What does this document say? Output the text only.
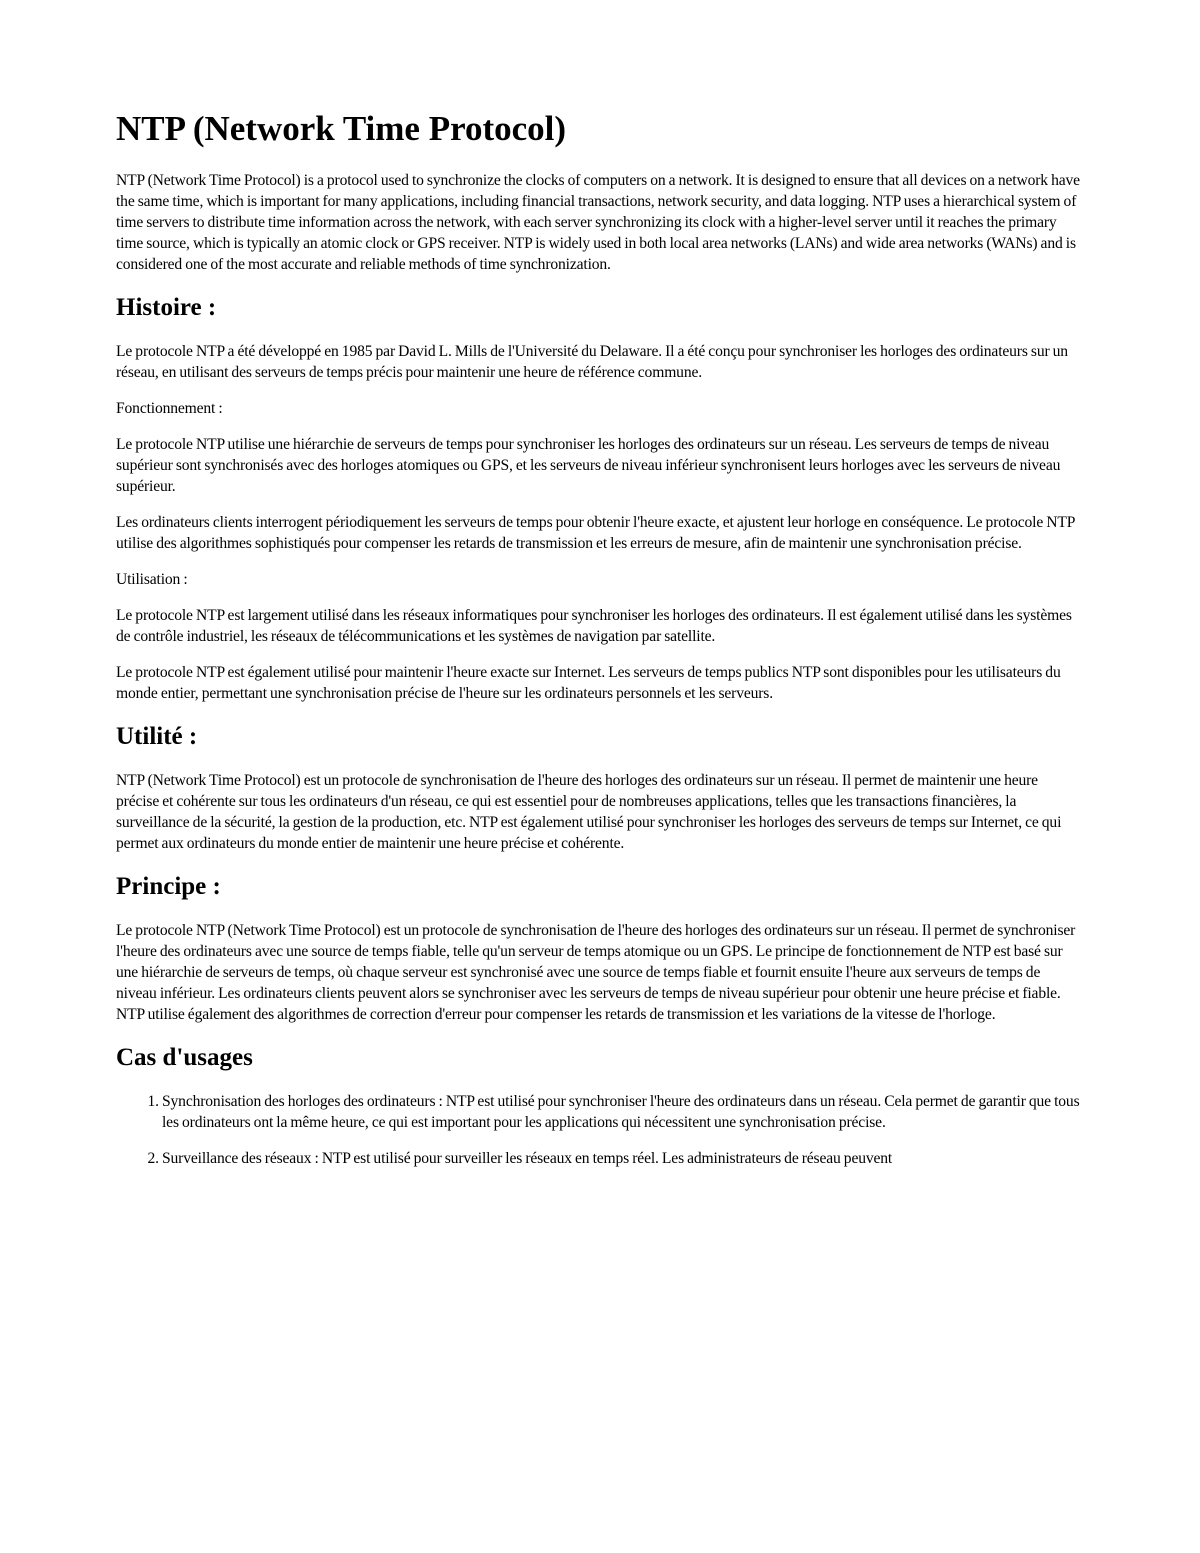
NTP (Network Time Protocol)

NTP (Network Time Protocol) is a protocol used to synchronize the clocks of computers on a network. It is designed to ensure that all devices on a network have the same time, which is important for many applications, including financial transactions, network security, and data logging. NTP uses a hierarchical system of time servers to distribute time information across the network, with each server synchronizing its clock with a higher-level server until it reaches the primary time source, which is typically an atomic clock or GPS receiver. NTP is widely used in both local area networks (LANs) and wide area networks (WANs) and is considered one of the most accurate and reliable methods of time synchronization.

Histoire :

Le protocole NTP a été développé en 1985 par David L. Mills de l'Université du Delaware. Il a été conçu pour synchroniser les horloges des ordinateurs sur un réseau, en utilisant des serveurs de temps précis pour maintenir une heure de référence commune.

Fonctionnement :

Le protocole NTP utilise une hiérarchie de serveurs de temps pour synchroniser les horloges des ordinateurs sur un réseau. Les serveurs de temps de niveau supérieur sont synchronisés avec des horloges atomiques ou GPS, et les serveurs de niveau inférieur synchronisent leurs horloges avec les serveurs de niveau supérieur.

Les ordinateurs clients interrogent périodiquement les serveurs de temps pour obtenir l'heure exacte, et ajustent leur horloge en conséquence. Le protocole NTP utilise des algorithmes sophistiqués pour compenser les retards de transmission et les erreurs de mesure, afin de maintenir une synchronisation précise.

Utilisation :

Le protocole NTP est largement utilisé dans les réseaux informatiques pour synchroniser les horloges des ordinateurs. Il est également utilisé dans les systèmes de contrôle industriel, les réseaux de télécommunications et les systèmes de navigation par satellite.

Le protocole NTP est également utilisé pour maintenir l'heure exacte sur Internet. Les serveurs de temps publics NTP sont disponibles pour les utilisateurs du monde entier, permettant une synchronisation précise de l'heure sur les ordinateurs personnels et les serveurs.

Utilité :

NTP (Network Time Protocol) est un protocole de synchronisation de l'heure des horloges des ordinateurs sur un réseau. Il permet de maintenir une heure précise et cohérente sur tous les ordinateurs d'un réseau, ce qui est essentiel pour de nombreuses applications, telles que les transactions financières, la surveillance de la sécurité, la gestion de la production, etc. NTP est également utilisé pour synchroniser les horloges des serveurs de temps sur Internet, ce qui permet aux ordinateurs du monde entier de maintenir une heure précise et cohérente.

Principe :

Le protocole NTP (Network Time Protocol) est un protocole de synchronisation de l'heure des horloges des ordinateurs sur un réseau. Il permet de synchroniser l'heure des ordinateurs avec une source de temps fiable, telle qu'un serveur de temps atomique ou un GPS. Le principe de fonctionnement de NTP est basé sur une hiérarchie de serveurs de temps, où chaque serveur est synchronisé avec une source de temps fiable et fournit ensuite l'heure aux serveurs de temps de niveau inférieur. Les ordinateurs clients peuvent alors se synchroniser avec les serveurs de temps de niveau supérieur pour obtenir une heure précise et fiable. NTP utilise également des algorithmes de correction d'erreur pour compenser les retards de transmission et les variations de la vitesse de l'horloge.

Cas d'usages
1. Synchronisation des horloges des ordinateurs : NTP est utilisé pour synchroniser l'heure des ordinateurs dans un réseau. Cela permet de garantir que tous les ordinateurs ont la même heure, ce qui est important pour les applications qui nécessitent une synchronisation précise.
2. Surveillance des réseaux : NTP est utilisé pour surveiller les réseaux en temps réel. Les administrateurs de réseau peuvent
